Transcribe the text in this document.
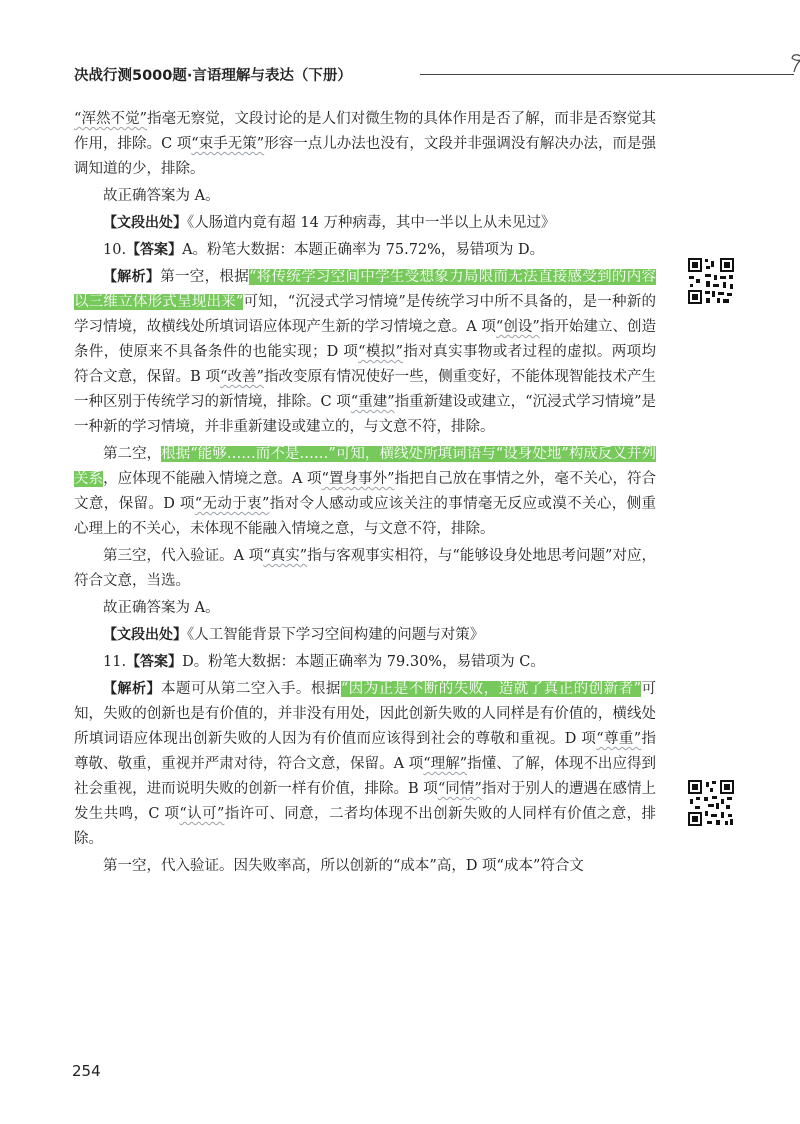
决战行测5000题·言语理解与表达（下册）

“浑然不觉”指毫无察觉，文段讨论的是人们对微生物的具体作用是否了解，而非是否察觉其作用，排除。C 项“束手无策”形容一点儿办法也没有，文段并非强调没有解决办法，而是强调知道的少，排除。

故正确答案为 A。

【文段出处】《人肠道内竟有超 14 万种病毒，其中一半以上从未见过》

10.【答案】A。粉笔大数据：本题正确率为 75.72%，易错项为 D。

【解析】第一空，根据“将传统学习空间中学生受想象力局限而无法直接感受到的内容以三维立体形式呈现出来”可知，“沉浸式学习情境”是传统学习中所不具备的，是一种新的学习情境，故横线处所填词语应体现产生新的学习情境之意。A 项“创设”指开始建立、创造条件，使原来不具备条件的也能实现；D 项“模拟”指对真实事物或者过程的虚拟。两项均符合文意，保留。B 项“改善”指改变原有情况使好一些，侧重变好，不能体现智能技术产生一种区别于传统学习的新情境，排除。C 项“重建”指重新建设或建立，“沉浸式学习情境”是一种新的学习情境，并非重新建设或建立的，与文意不符，排除。

第二空，根据“能够……而不是……”可知，横线处所填词语与“设身处地”构成反义并列关系，应体现不能融入情境之意。A 项“置身事外”指把自己放在事情之外，毫不关心，符合文意，保留。D 项“无动于衷”指对令人感动或应该关注的事情毫无反应或漠不关心，侧重心理上的不关心，未体现不能融入情境之意，与文意不符，排除。

第三空，代入验证。A 项“真实”指与客观事实相符，与“能够设身处地思考问题”对应，符合文意，当选。

故正确答案为 A。

【文段出处】《人工智能背景下学习空间构建的问题与对策》

11.【答案】D。粉笔大数据：本题正确率为 79.30%，易错项为 C。

【解析】本题可从第二空入手。根据“因为正是不断的失败，造就了真正的创新者”可知，失败的创新也是有价值的，并非没有用处，因此创新失败的人同样是有价值的，横线处所填词语应体现出创新失败的人因为有价值而应该得到社会的尊敬和重视。D 项“尊重”指尊敬、敬重，重视并严肃对待，符合文意，保留。A 项“理解”指懂、了解，体现不出应得到社会重视，进而说明失败的创新一样有价值，排除。B 项“同情”指对于别人的遭遇在感情上发生共鸣，C 项“认可”指许可、同意，二者均体现不出创新失败的人同样有价值之意，排除。

第一空，代入验证。因失败率高，所以创新的“成本”高，D 项“成本”符合文

254
